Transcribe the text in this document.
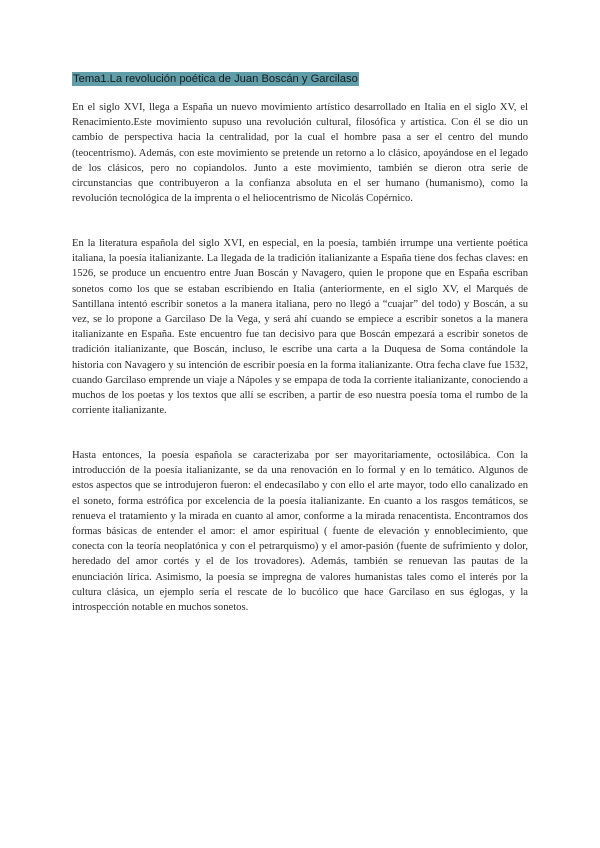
Tema1.La revolución poética de Juan Boscán y Garcilaso

En el siglo XVI, llega a España un nuevo movimiento artístico desarrollado en Italia en el siglo XV, el Renacimiento.Este movimiento supuso una revolución cultural, filosófica y artística. Con él se dio un cambio de perspectiva hacia la centralidad, por la cual el hombre pasa a ser el centro del mundo (teocentrismo). Además, con este movimiento se pretende un retorno a lo clásico, apoyándose en el legado de los clásicos, pero no copiandolos. Junto a este movimiento, también se dieron otra serie de circunstancias que contribuyeron a la confianza absoluta en el ser humano (humanismo), como la revolución tecnológica de la imprenta o el heliocentrismo de Nicolás Copérnico.

En la literatura española del siglo XVI, en especial, en la poesía, también irrumpe una vertiente poética italiana, la poesía italianizante. La llegada de la tradición italianizante a España tiene dos fechas claves: en 1526, se produce un encuentro entre Juan Boscán y Navagero, quien le propone que en España escriban sonetos como los que se estaban escribiendo en Italia (anteriormente, en el siglo XV, el Marqués de Santillana intentó escribir sonetos a la manera italiana, pero no llegó a “cuajar” del todo) y Boscán, a su vez, se lo propone a Garcilaso De la Vega, y será ahí cuando se empiece a escribir sonetos a la manera italianizante en España. Este encuentro fue tan decisivo para que Boscán empezará a escribir sonetos de tradición italianizante, que Boscán, incluso, le escribe una carta a la Duquesa de Soma contándole la historia con Navagero y su intención de escribir poesía en la forma italianizante. Otra fecha clave fue 1532, cuando Garcilaso emprende un viaje a Nápoles y se empapa de toda la corriente italianizante, conociendo a muchos de los poetas y los textos que allí se escriben, a partir de eso nuestra poesía toma el rumbo de la corriente italianizante.

Hasta entonces, la poesía española se caracterizaba por ser mayoritariamente, octosilábica. Con la introducción de la poesía italianizante, se da una renovación en lo formal y en lo temático. Algunos de estos aspectos que se introdujeron fueron: el endecasílabo y con ello el arte mayor, todo ello canalizado en el soneto, forma estrófica por excelencia de la poesía italianizante. En cuanto a los rasgos temáticos, se renueva el tratamiento y la mirada en cuanto al amor, conforme a la mirada renacentista. Encontramos dos formas básicas de entender el amor: el amor espiritual ( fuente de elevación y ennoblecimiento, que conecta con la teoría neoplatónica y con el petrarquismo) y el amor-pasión (fuente de sufrimiento y dolor, heredado del amor cortés y el de los trovadores). Además, también se renuevan las pautas de la enunciación lírica. Asimismo, la poesía se impregna de valores humanistas tales como el interés por la cultura clásica, un ejemplo sería el rescate de lo bucólico que hace Garcilaso en sus églogas, y la introspección notable en muchos sonetos.
